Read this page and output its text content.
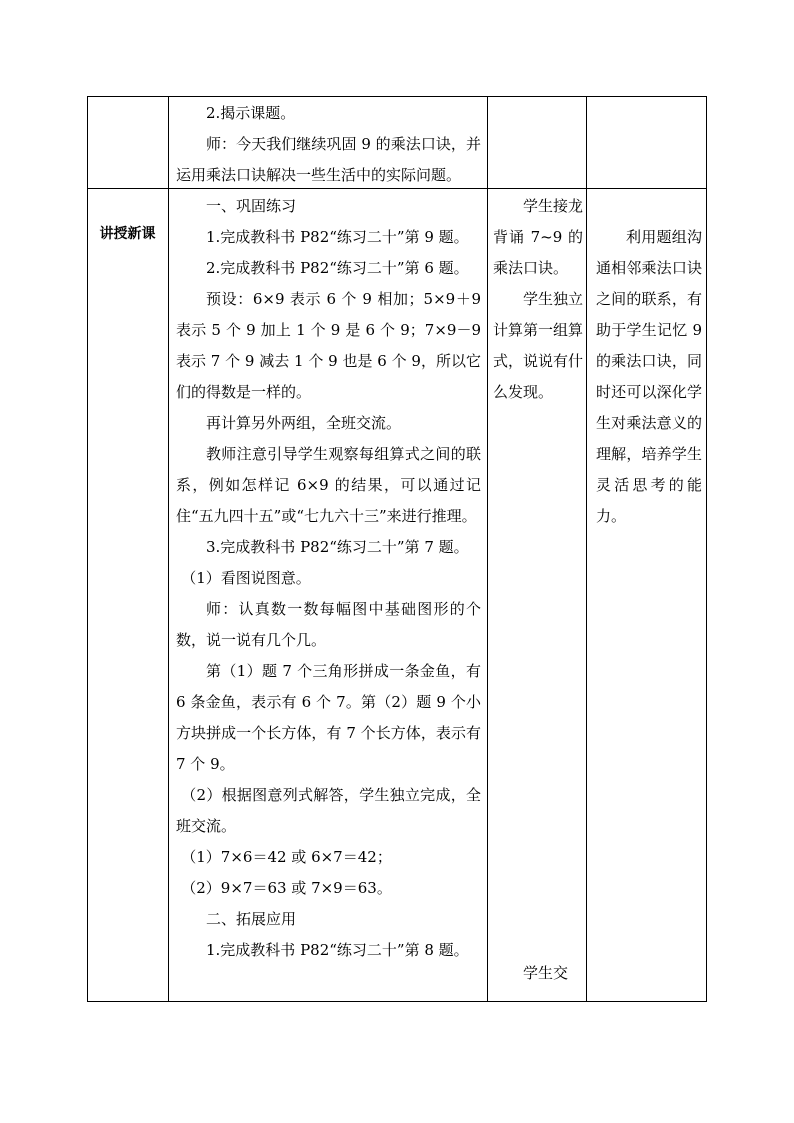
2.揭示课题。

师：今天我们继续巩固 9 的乘法口诀，并运用乘法口诀解决一些生活中的实际问题。

讲授新课

一、巩固练习

1.完成教科书 P82“练习二十”第 9 题。

2.完成教科书 P82“练习二十”第 6 题。

预设：6×9 表示 6 个 9 相加；5×9＋9 表示 5 个 9 加上 1 个 9 是 6 个 9；7×9－9 表示 7 个 9 减去 1 个 9 也是 6 个 9，所以它们的得数是一样的。

再计算另外两组，全班交流。

教师注意引导学生观察每组算式之间的联系，例如怎样记 6×9 的结果，可以通过记住“五九四十五”或“七九六十三”来进行推理。

3.完成教科书 P82“练习二十”第 7 题。

（1）看图说图意。

师：认真数一数每幅图中基础图形的个数，说一说有几个几。

第（1）题 7 个三角形拼成一条金鱼，有 6 条金鱼，表示有 6 个 7。第（2）题 9 个小方块拼成一个长方体，有 7 个长方体，表示有 7 个 9。

（2）根据图意列式解答，学生独立完成，全班交流。

（1）7×6＝42 或 6×7＝42；

（2）9×7＝63 或 7×9＝63。

二、拓展应用

1.完成教科书 P82“练习二十”第 8 题。

学生接龙背诵 7~9 的乘法口诀。

学生独立计算第一组算式，说说有什么发现。

学生交

利用题组沟通相邻乘法口诀之间的联系，有助于学生记忆 9 的乘法口诀，同时还可以深化学生对乘法意义的理解，培养学生灵活思考的能力。
